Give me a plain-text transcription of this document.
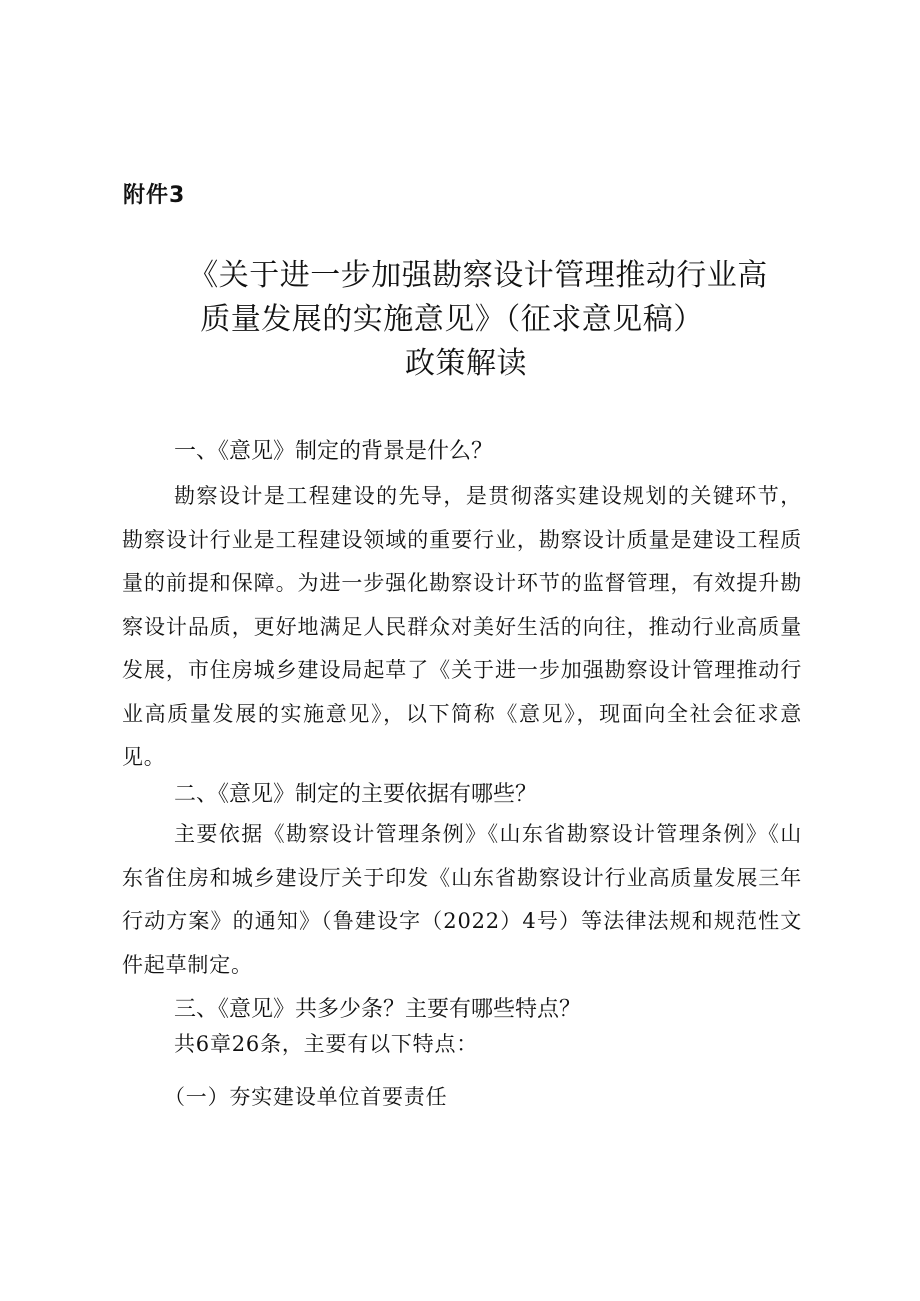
附件3
《关于进一步加强勘察设计管理推动行业高
质量发展的实施意见》（征求意见稿）
政策解读
一、《意见》制定的背景是什么？
勘察设计是工程建设的先导，是贯彻落实建设规划的关键环节，勘察设计行业是工程建设领域的重要行业，勘察设计质量是建设工程质量的前提和保障。为进一步强化勘察设计环节的监督管理，有效提升勘察设计品质，更好地满足人民群众对美好生活的向往，推动行业高质量发展，市住房城乡建设局起草了《关于进一步加强勘察设计管理推动行业高质量发展的实施意见》，以下简称《意见》，现面向全社会征求意见。
二、《意见》制定的主要依据有哪些？
主要依据《勘察设计管理条例》《山东省勘察设计管理条例》《山东省住房和城乡建设厅关于印发《山东省勘察设计行业高质量发展三年行动方案》的通知》（鲁建设字（2022）4号）等法律法规和规范性文件起草制定。
三、《意见》共多少条？主要有哪些特点？
共6章26条，主要有以下特点：
（一）夯实建设单位首要责任
